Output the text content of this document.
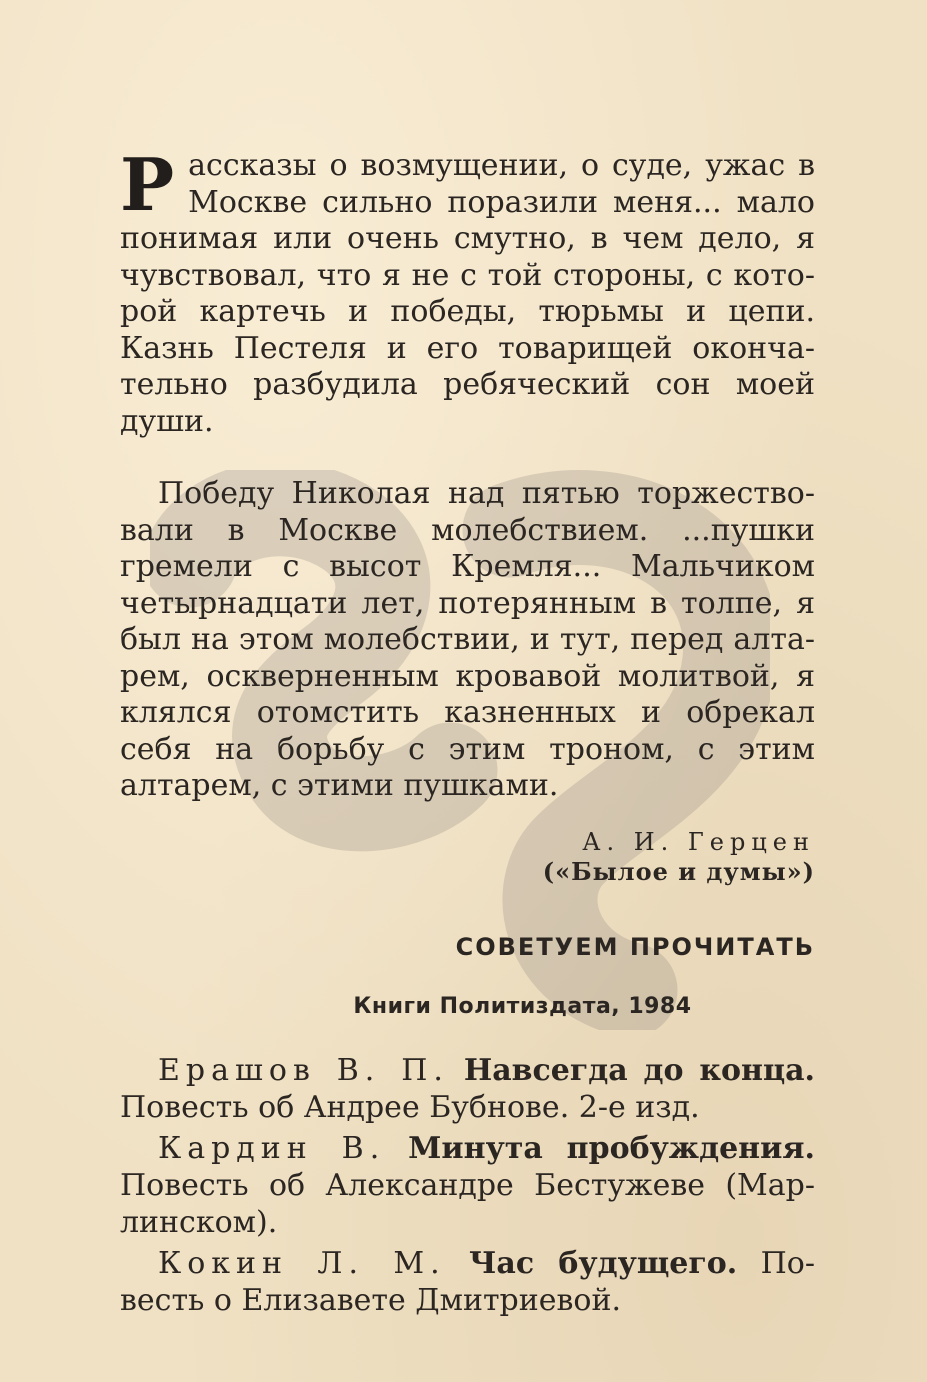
Рассказы о возмущении, о суде, ужас в Москве сильно поразили меня... мало понимая или очень смутно, в чем дело, я чувствовал, что я не с той стороны, с кото-рой картечь и победы, тюрьмы и цепи. Казнь Пестеля и его товарищей оконча-тельно разбудила ребяческий сон моей души.

Победу Николая над пятью торжество-вали в Москве молебствием. ...пушки гремели с высот Кремля... Мальчиком четырнадцати лет, потерянным в толпе, я был на этом молебствии, и тут, перед алта-рем, оскверненным кровавой молитвой, я клялся отомстить казненных и обрекал себя на борьбу с этим троном, с этим алтарем, с этими пушками.

А. И. Герцен
(«Былое и думы»)
СОВЕТУЕМ ПРОЧИТАТЬ
Книги Политиздата, 1984

Ерашов В. П. Навсегда до конца. Повесть об Андрее Бубнове. 2-е изд.

Кардин В. Минута пробуждения. Повесть об Александре Бестужеве (Мар-линском).

Кокин Л. М. Час будущего. По-весть о Елизавете Дмитриевой.
